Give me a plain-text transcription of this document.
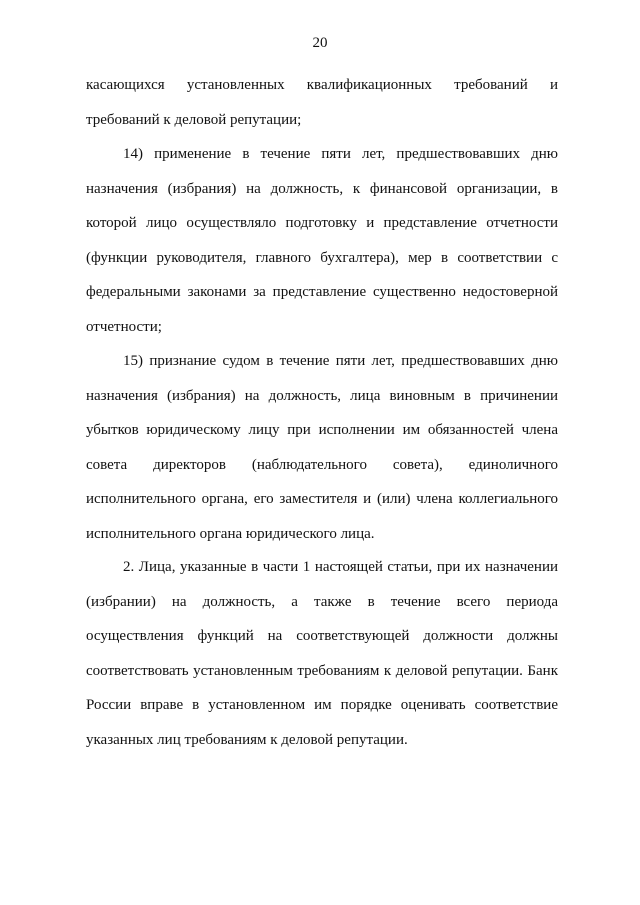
20
касающихся установленных квалификационных требований и
требований к деловой репутации;
14) применение в течение пяти лет, предшествовавших дню
назначения (избрания) на должность, к финансовой организации, в
которой лицо осуществляло подготовку и представление отчетности
(функции руководителя, главного бухгалтера), мер в соответствии с
федеральными законами за представление существенно недостоверной
отчетности;
15) признание судом в течение пяти лет, предшествовавших дню
назначения (избрания) на должность, лица виновным в причинении
убытков юридическому лицу при исполнении им обязанностей члена
совета директоров (наблюдательного совета), единоличного
исполнительного органа, его заместителя и (или) члена коллегиального
исполнительного органа юридического лица.
2. Лица, указанные в части 1 настоящей статьи, при их назначении
(избрании) на должность, а также в течение всего периода
осуществления функций на соответствующей должности должны
соответствовать установленным требованиям к деловой репутации. Банк
России вправе в установленном им порядке оценивать соответствие
указанных лиц требованиям к деловой репутации.
